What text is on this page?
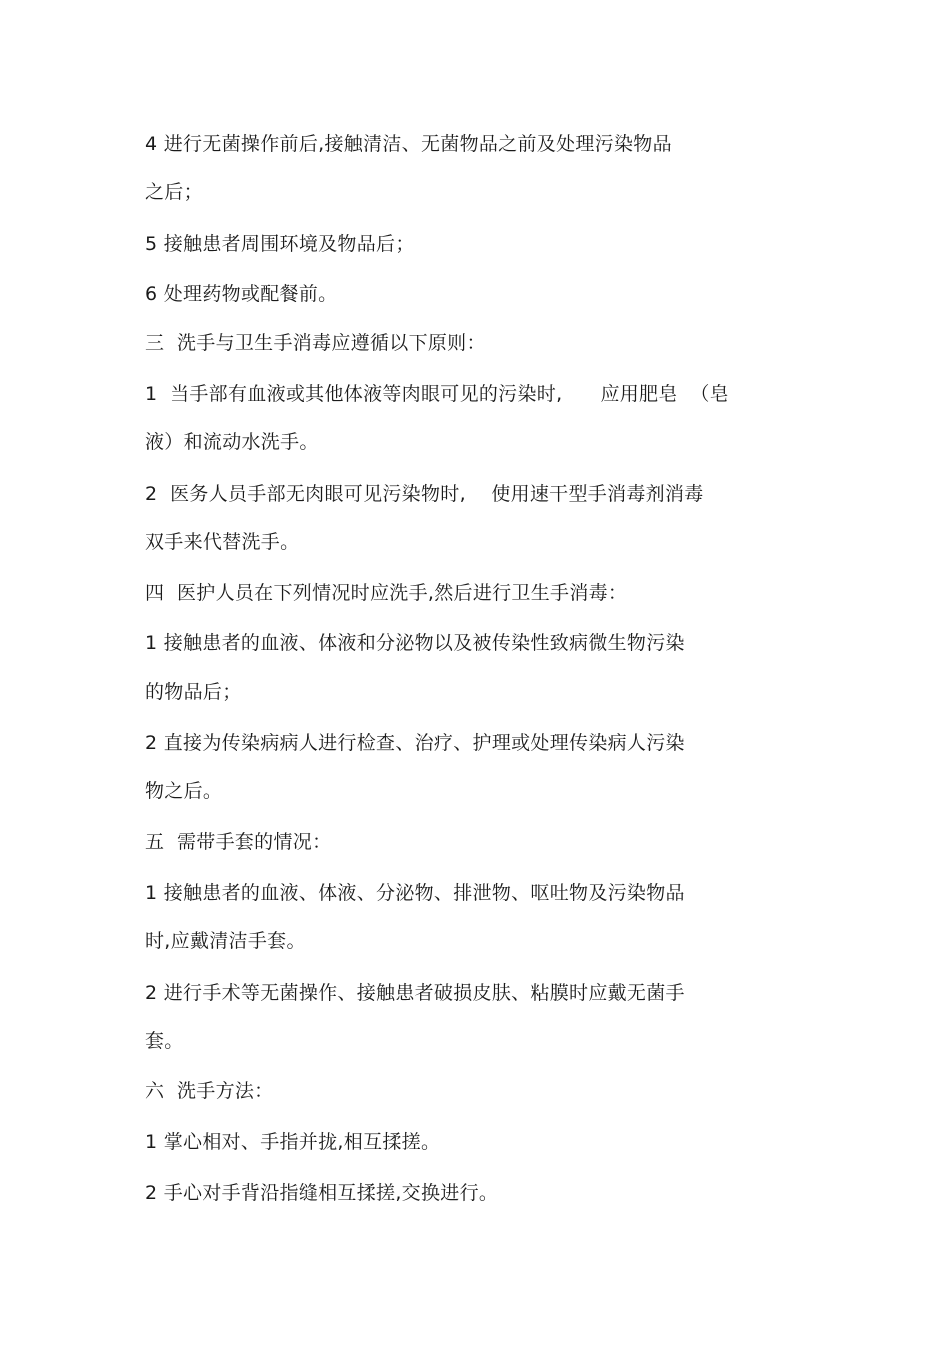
4 进行无菌操作前后,接触清洁、无菌物品之前及处理污染物品
之后；
5 接触患者周围环境及物品后；
6 处理药物或配餐前。
三  洗手与卫生手消毒应遵循以下原则：
1  当手部有血液或其他体液等肉眼可见的污染时,      应用肥皂  （皂
液）和流动水洗手。
2  医务人员手部无肉眼可见污染物时,    使用速干型手消毒剂消毒
双手来代替洗手。
四  医护人员在下列情况时应洗手,然后进行卫生手消毒：
1 接触患者的血液、体液和分泌物以及被传染性致病微生物污染
的物品后；
2 直接为传染病病人进行检查、治疗、护理或处理传染病人污染
物之后。
五  需带手套的情况：
1 接触患者的血液、体液、分泌物、排泄物、呕吐物及污染物品
时,应戴清洁手套。
2 进行手术等无菌操作、接触患者破损皮肤、粘膜时应戴无菌手
套。
六  洗手方法：
1 掌心相对、手指并拢,相互揉搓。
2 手心对手背沿指缝相互揉搓,交换进行。
